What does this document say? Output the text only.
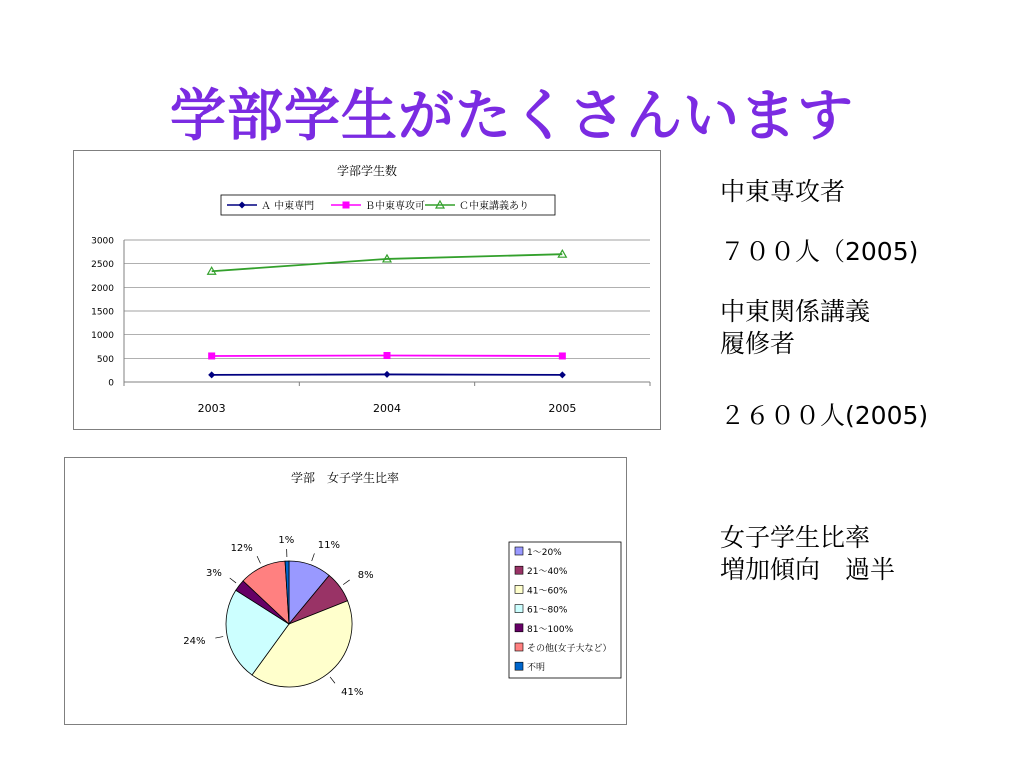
学部学生がたくさんいます
学部学生数
Ａ 中東専門	Ｂ中東専攻可	Ｃ中東講義あり
0
500
1000
1500
2000
2500
3000
2003	2004	2005
学部　女子学生比率
11%
8%
41%
24%
3%
12%
1%
1～20%
21～40%
41～60%
61～80%
81～100%
その他(女子大など）
不明
中東専攻者
７００人（2005)
中東関係講義
履修者
２６００人(2005)
女子学生比率
増加傾向　過半
